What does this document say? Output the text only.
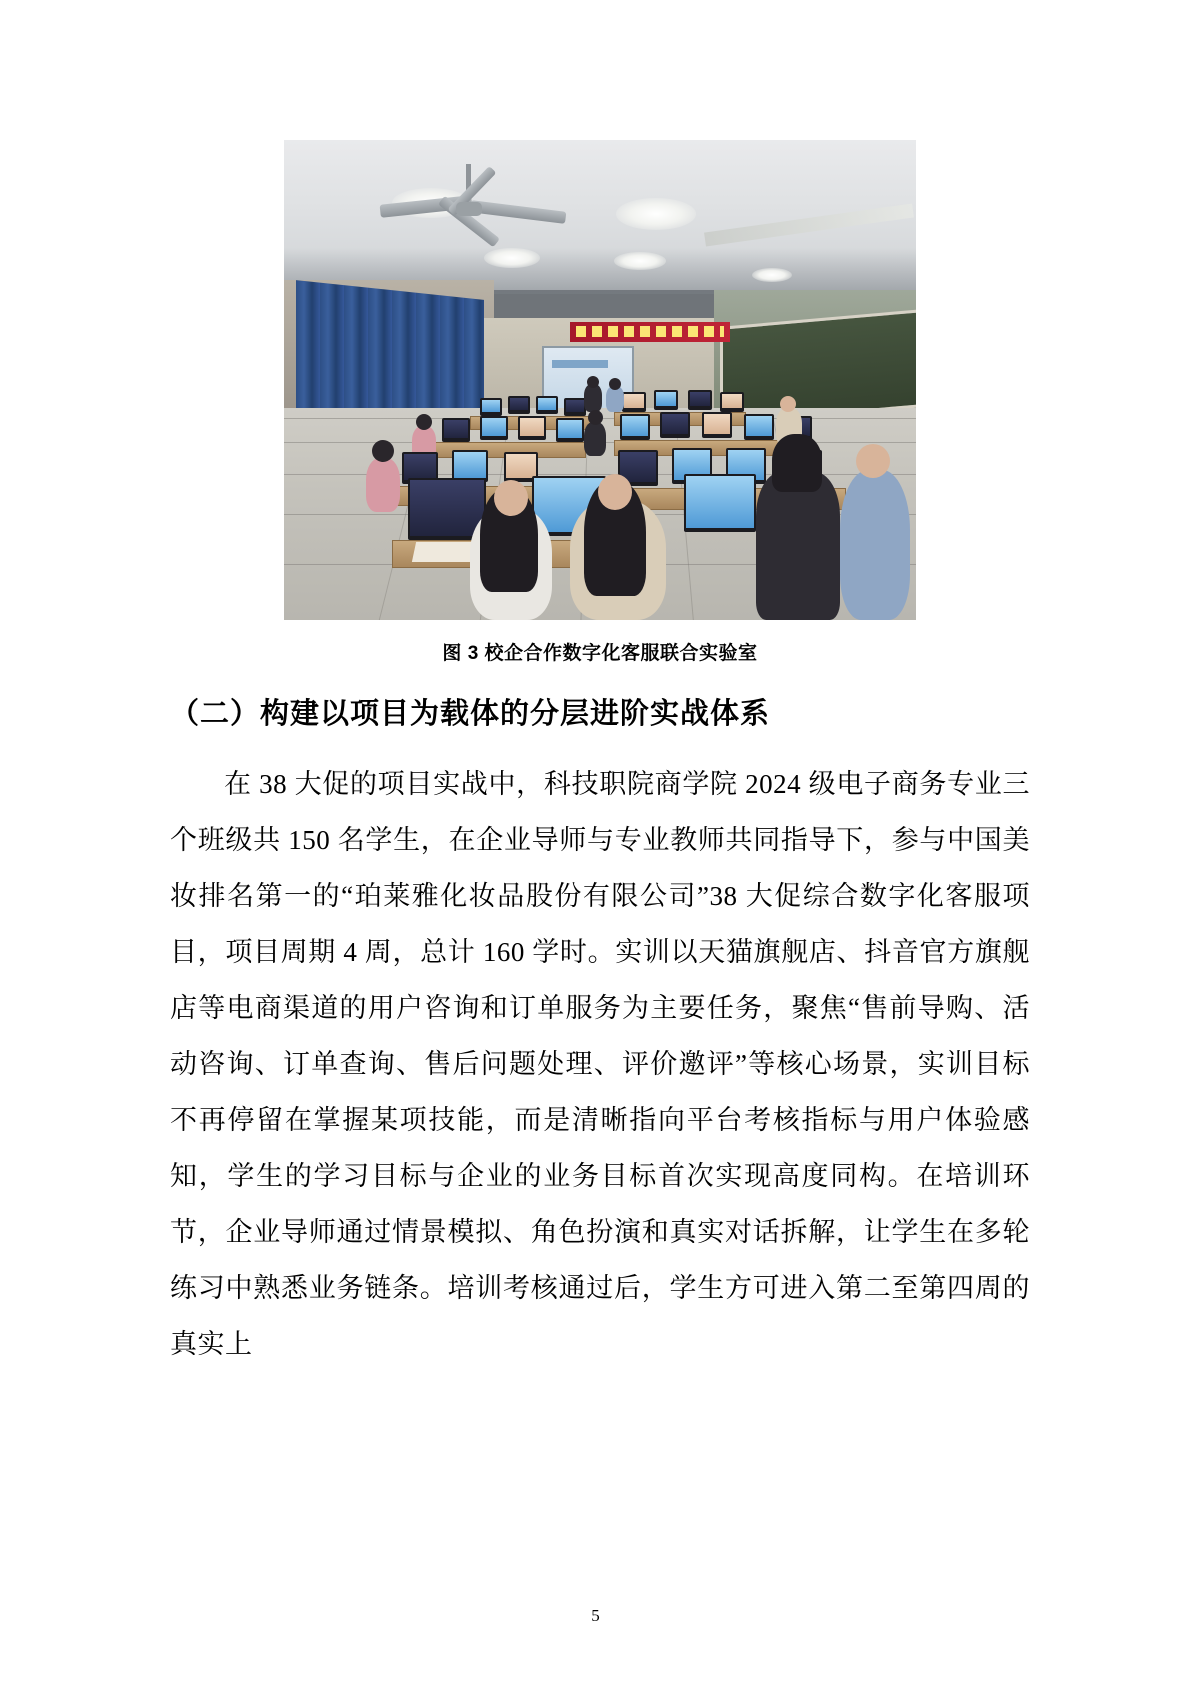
图 3 校企合作数字化客服联合实验室
（二）构建以项目为载体的分层进阶实战体系

在 38 大促的项目实战中，科技职院商学院 2024 级电子商务专业三个班级共 150 名学生，在企业导师与专业教师共同指导下，参与中国美妆排名第一的“珀莱雅化妆品股份有限公司”38 大促综合数字化客服项目，项目周期 4 周，总计 160 学时。实训以天猫旗舰店、抖音官方旗舰店等电商渠道的用户咨询和订单服务为主要任务，聚焦“售前导购、活动咨询、订单查询、售后问题处理、评价邀评”等核心场景，实训目标不再停留在掌握某项技能，而是清晰指向平台考核指标与用户体验感知，学生的学习目标与企业的业务目标首次实现高度同构。在培训环节，企业导师通过情景模拟、角色扮演和真实对话拆解，让学生在多轮练习中熟悉业务链条。培训考核通过后，学生方可进入第二至第四周的真实上

5
